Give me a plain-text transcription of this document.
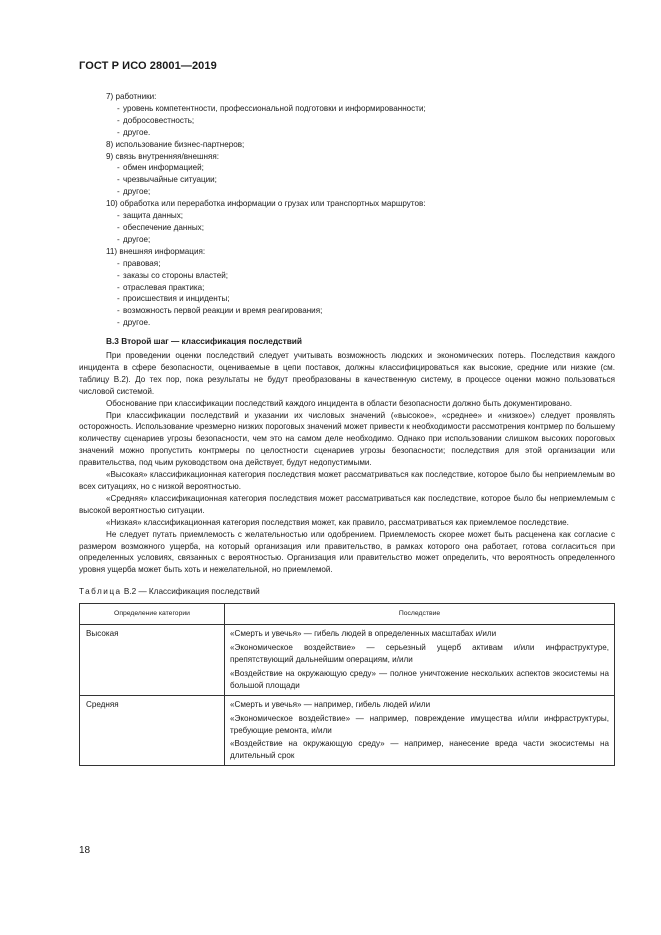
ГОСТ Р ИСО 28001—2019
7) работники:
- уровень компетентности, профессиональной подготовки и информированности;
- добросовестность;
- другое.
8) использование бизнес-партнеров;
9) связь внутренняя/внешняя:
- обмен информацией;
- чрезвычайные ситуации;
- другое;
10) обработка или переработка информации о грузах или транспортных маршрутов:
- защита данных;
- обеспечение данных;
- другое;
11) внешняя информация:
- правовая;
- заказы со стороны властей;
- отраслевая практика;
- происшествия и инциденты;
- возможность первой реакции и время реагирования;
- другое.
В.3 Второй шаг — классификация последствий
При проведении оценки последствий следует учитывать возможность людских и экономических потерь. Последствия каждого инцидента в сфере безопасности, оцениваемые в цепи поставок, должны классифицироваться как высокие, средние или низкие (см. таблицу В.2). До тех пор, пока результаты не будут преобразованы в качественную систему, в процессе оценки можно пользоваться числовой системой.
Обоснование при классификации последствий каждого инцидента в области безопасности должно быть документировано.
При классификации последствий и указании их числовых значений («высокое», «среднее» и «низкое») следует проявлять осторожность. Использование чрезмерно низких пороговых значений может привести к необходимости рассмотрения контрмер по большему количеству сценариев угрозы безопасности, чем это на самом деле необходимо. Однако при использовании слишком высоких пороговых значений можно пропустить контрмеры по целостности сценариев угрозы безопасности; последствия для этой организации или правительства, под чьим руководством она действует, будут недопустимыми.
«Высокая» классификационная категория последствия может рассматриваться как последствие, которое было бы неприемлемым во всех ситуациях, но с низкой вероятностью.
«Средняя» классификационная категория последствия может рассматриваться как последствие, которое было бы неприемлемым с высокой вероятностью ситуации.
«Низкая» классификационная категория последствия может, как правило, рассматриваться как приемлемое последствие.
Не следует путать приемлемость с желательностью или одобрением. Приемлемость скорее может быть расценена как согласие с размером возможного ущерба, на который организация или правительство, в рамках которого она работает, готова согласиться при определенных условиях, связанных с вероятностью. Организация или правительство может определить, что вероятность определенного уровня ущерба может быть хоть и нежелательной, но приемлемой.
Таблица В.2 — Классификация последствий
Определение категории	Последствие
Высокая	«Смерть и увечья» — гибель людей в определенных масштабах и/или
«Экономическое воздействие» — серьезный ущерб активам и/или инфраструктуре, препятствующий дальнейшим операциям, и/или
«Воздействие на окружающую среду» — полное уничтожение нескольких аспектов экосистемы на большой площади

Средняя	«Смерть и увечья» — например, гибель людей и/или
«Экономическое воздействие» — например, повреждение имущества и/или инфраструктуры, требующие ремонта, и/или
«Воздействие на окружающую среду» — например, нанесение вреда части экосистемы на длительный срок
18
